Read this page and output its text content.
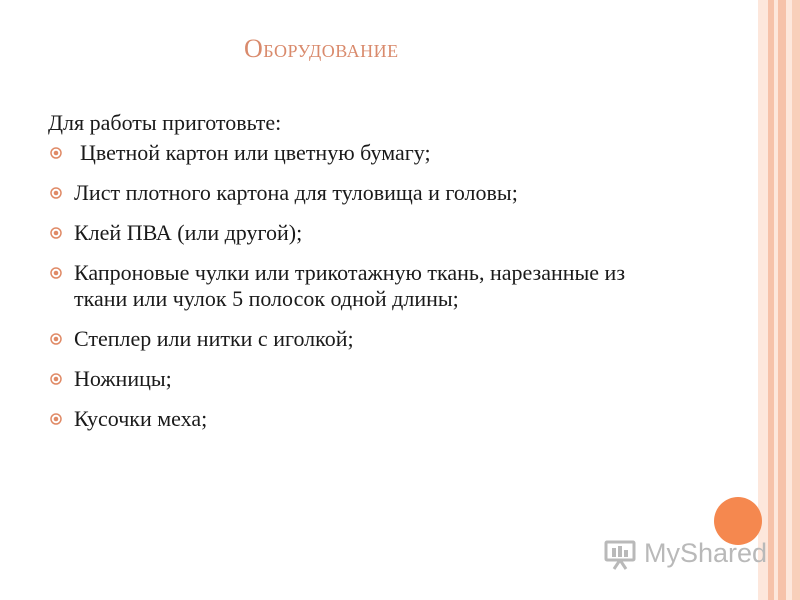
Оборудование
Для работы приготовьте:
Цветной картон или цветную бумагу;
Лист плотного картона для туловища и головы;
Клей ПВА (или другой);
Капроновые чулки или трикотажную ткань, нарезанные из ткани или чулок 5 полосок одной длины;
Степлер или нитки с иголкой;
Ножницы;
Кусочки меха;
MyShared
